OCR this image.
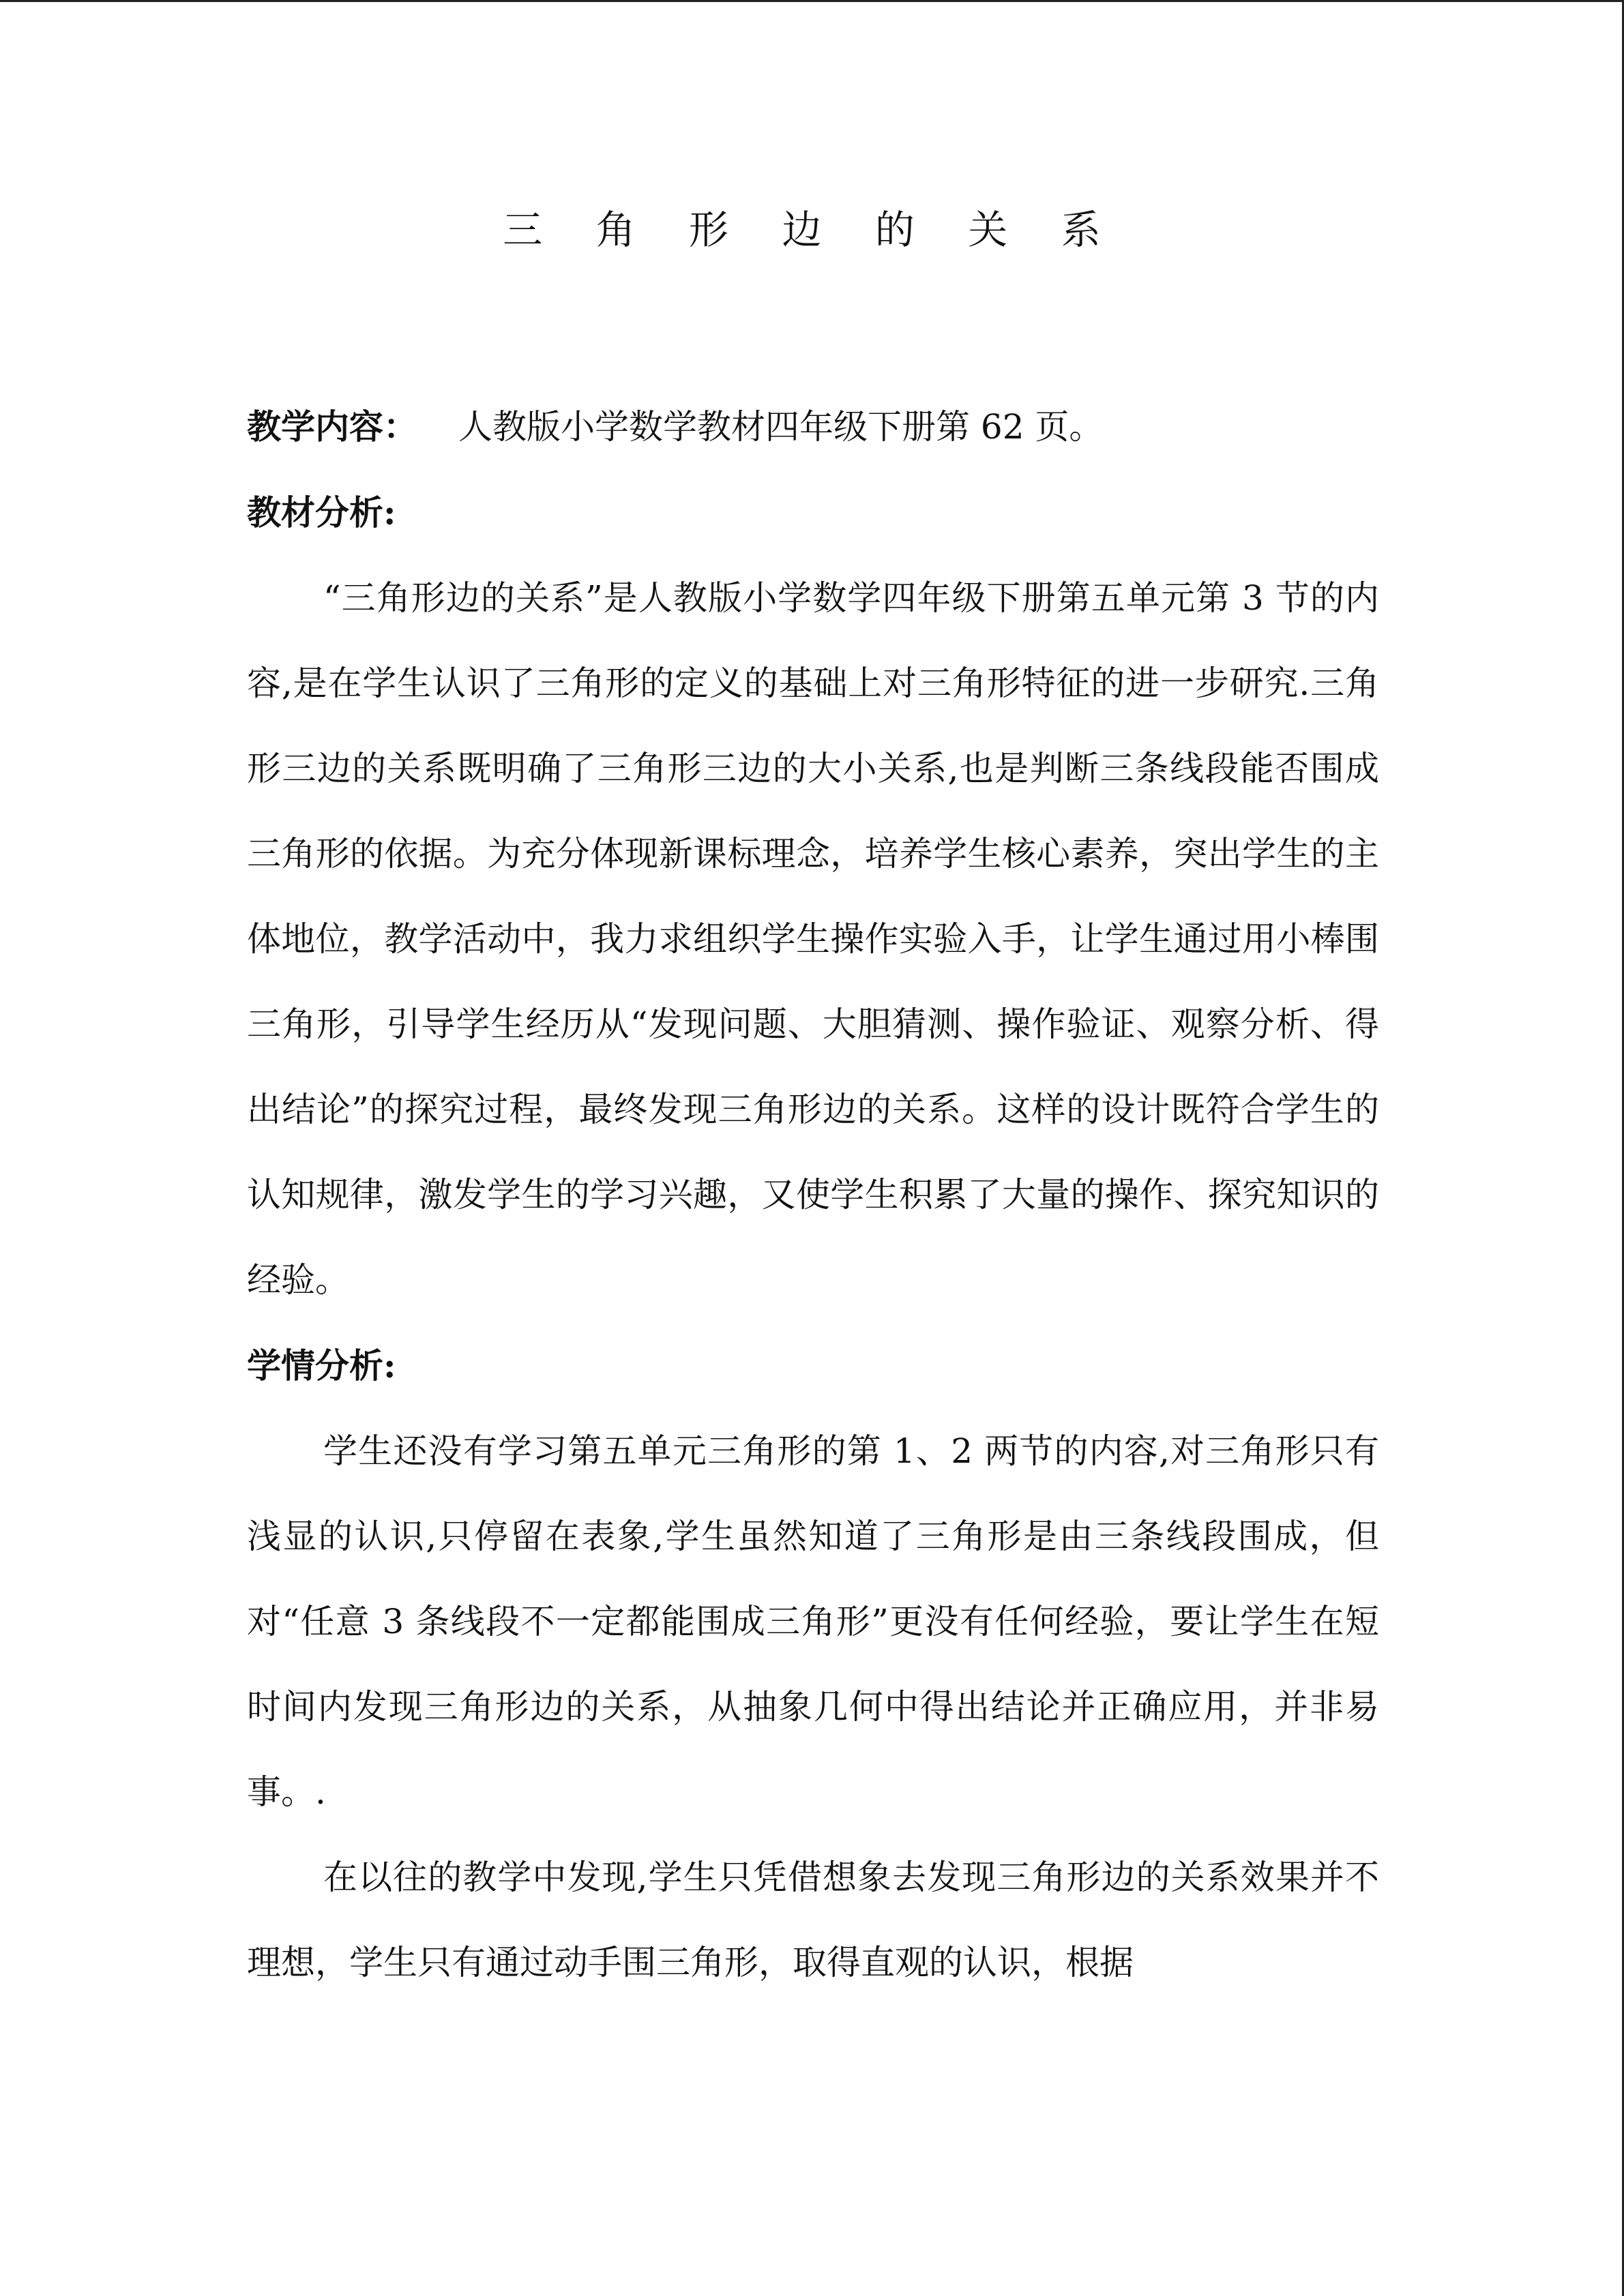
三 角 形 边 的 关 系

教学内容： 人教版小学数学教材四年级下册第 62 页。

教材分析:

“三角形边的关系”是人教版小学数学四年级下册第五单元第 3 节的内容,是在学生认识了三角形的定义的基础上对三角形特征的进一步研究.三角形三边的关系既明确了三角形三边的大小关系,也是判断三条线段能否围成三角形的依据。为充分体现新课标理念，培养学生核心素养，突出学生的主体地位，教学活动中，我力求组织学生操作实验入手，让学生通过用小棒围三角形，引导学生经历从“发现问题、大胆猜测、操作验证、观察分析、得出结论”的探究过程，最终发现三角形边的关系。这样的设计既符合学生的认知规律，激发学生的学习兴趣，又使学生积累了大量的操作、探究知识的经验。

学情分析:

学生还没有学习第五单元三角形的第 1、2 两节的内容,对三角形只有浅显的认识,只停留在表象,学生虽然知道了三角形是由三条线段围成，但对“任意 3 条线段不一定都能围成三角形”更没有任何经验，要让学生在短时间内发现三角形边的关系，从抽象几何中得出结论并正确应用，并非易事。.

在以往的教学中发现,学生只凭借想象去发现三角形边的关系效果并不理想，学生只有通过动手围三角形，取得直观的认识，根据
